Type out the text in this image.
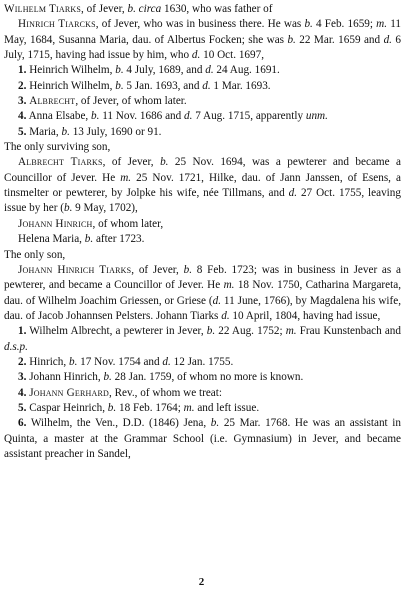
Wilhelm Tiarks, of Jever, b. circa 1630, who was father of

Hinrich Tiarcks, of Jever, who was in business there. He was b. 4 Feb. 1659; m. 11 May, 1684, Susanna Maria, dau. of Albertus Focken; she was b. 22 Mar. 1659 and d. 6 July, 1715, having had issue by him, who d. 10 Oct. 1697,

1. Heinrich Wilhelm, b. 4 July, 1689, and d. 24 Aug. 1691.

2. Heinrich Wilhelm, b. 5 Jan. 1693, and d. 1 Mar. 1693.

3. Albrecht, of Jever, of whom later.

4. Anna Elsabe, b. 11 Nov. 1686 and d. 7 Aug. 1715, apparently unm.

5. Maria, b. 13 July, 1690 or 91.

The only surviving son,

Albrecht Tiarks, of Jever, b. 25 Nov. 1694, was a pewterer and became a Councillor of Jever. He m. 25 Nov. 1721, Hilke, dau. of Jann Janssen, of Esens, a tinsmelter or pewterer, by Jolpke his wife, née Tillmans, and d. 27 Oct. 1755, leaving issue by her (b. 9 May, 1702),

Johann Hinrich, of whom later,

Helena Maria, b. after 1723.

The only son,

Johann Hinrich Tiarks, of Jever, b. 8 Feb. 1723; was in business in Jever as a pewterer, and became a Councillor of Jever. He m. 18 Nov. 1750, Catharina Margareta, dau. of Wilhelm Joachim Griessen, or Griese (d. 11 June, 1766), by Magdalena his wife, dau. of Jacob Johannsen Pelsters. Johann Tiarks d. 10 April, 1804, having had issue,

1. Wilhelm Albrecht, a pewterer in Jever, b. 22 Aug. 1752; m. Frau Kunstenbach and d.s.p.

2. Hinrich, b. 17 Nov. 1754 and d. 12 Jan. 1755.

3. Johann Hinrich, b. 28 Jan. 1759, of whom no more is known.

4. Johann Gerhard, Rev., of whom we treat:

5. Caspar Heinrich, b. 18 Feb. 1764; m. and left issue.

6. Wilhelm, the Ven., D.D. (1846) Jena, b. 25 Mar. 1768. He was an assistant in Quinta, a master at the Grammar School (i.e. Gymnasium) in Jever, and became assistant preacher in Sandel,

2
